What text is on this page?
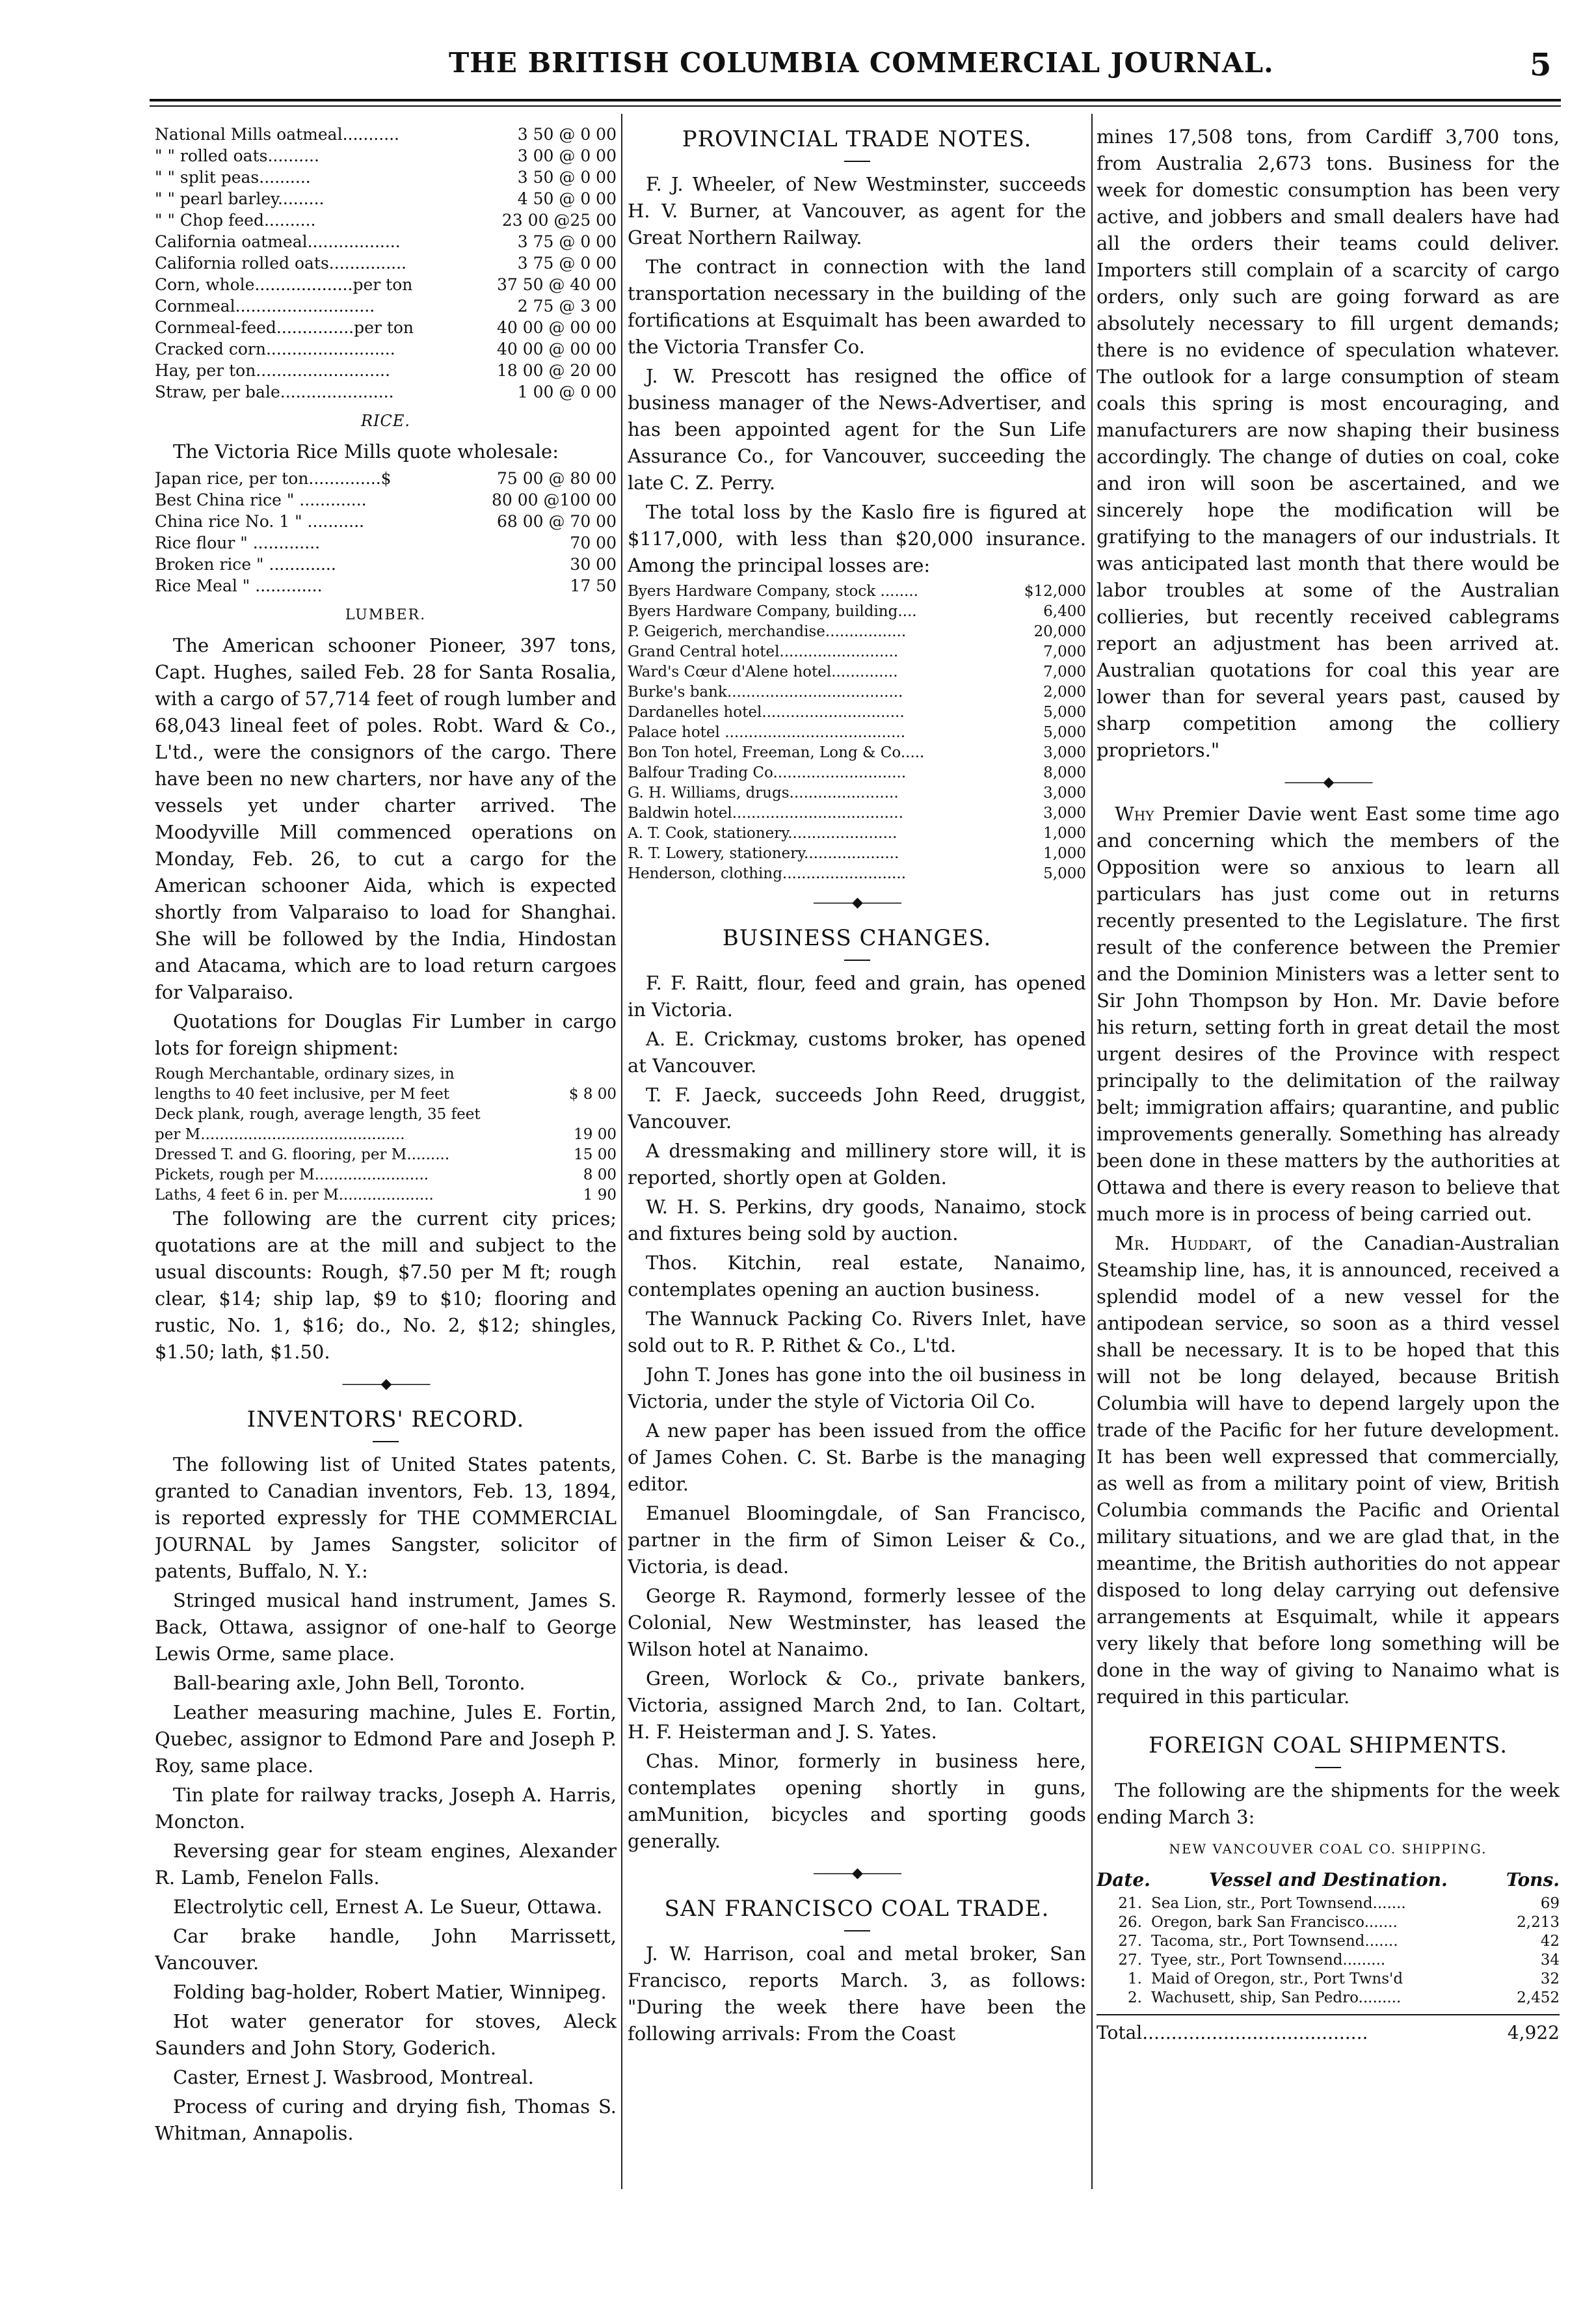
THE BRITISH COLUMBIA COMMERCIAL JOURNAL.	5
National Mills oatmeal...........	3 50 @ 0 00
" " rolled oats..........	3 00 @ 0 00
" " split peas..........	3 50 @ 0 00
" " pearl barley.........	4 50 @ 0 00
" " Chop feed..........	23 00 @25 00
California oatmeal..................	3 75 @ 0 00
California rolled oats...............	3 75 @ 0 00
Corn, whole...................per ton	37 50 @ 40 00
Cornmeal...........................	2 75 @ 3 00
Cornmeal-feed...............per ton	40 00 @ 00 00
Cracked corn.........................	40 00 @ 00 00
Hay, per ton..........................	18 00 @ 20 00
Straw, per bale......................	1 00 @ 0 00
RICE.

The Victoria Rice Mills quote wholesale:

Japan rice, per ton..............$	75 00 @ 80 00
Best China rice " .............	80 00 @100 00
China rice No. 1 " ...........	68 00 @ 70 00
Rice flour " .............	70 00
Broken rice " .............	30 00
Rice Meal " .............	17 50
LUMBER.

The American schooner Pioneer, 397 tons, Capt. Hughes, sailed Feb. 28 for Santa Rosalia, with a cargo of 57,714 feet of rough lumber and 68,043 lineal feet of poles. Robt. Ward & Co., L'td., were the consignors of the cargo. There have been no new charters, nor have any of the vessels yet under charter arrived. The Moodyville Mill commenced operations on Monday, Feb. 26, to cut a cargo for the American schooner Aida, which is expected shortly from Valparaiso to load for Shanghai. She will be followed by the India, Hindostan and Atacama, which are to load return cargoes for Valparaiso.

Quotations for Douglas Fir Lumber in cargo lots for foreign shipment:

Rough Merchantable, ordinary sizes, in	
lengths to 40 feet inclusive, per M feet	$ 8 00
Deck plank, rough, average length, 35 feet	
per M...........................................	19 00
Dressed T. and G. flooring, per M.........	15 00
Pickets, rough per M........................	8 00
Laths, 4 feet 6 in. per M....................	1 90

The following are the current city prices; quotations are at the mill and subject to the usual discounts: Rough, $7.50 per M ft; rough clear, $14; ship lap, $9 to $10; flooring and rustic, No. 1, $16; do., No. 2, $12; shingles, $1.50; lath, $1.50.

———◆———
INVENTORS' RECORD.

The following list of United States patents, granted to Canadian inventors, Feb. 13, 1894, is reported expressly for THE COMMERCIAL JOURNAL by James Sangster, solicitor of patents, Buffalo, N. Y.:

Stringed musical hand instrument, James S. Back, Ottawa, assignor of one-half to George Lewis Orme, same place.

Ball-bearing axle, John Bell, Toronto.

Leather measuring machine, Jules E. Fortin, Quebec, assignor to Edmond Pare and Joseph P. Roy, same place.

Tin plate for railway tracks, Joseph A. Harris, Moncton.

Reversing gear for steam engines, Alexander R. Lamb, Fenelon Falls.

Electrolytic cell, Ernest A. Le Sueur, Ottawa.

Car brake handle, John Marrissett, Vancouver.

Folding bag-holder, Robert Matier, Winnipeg.

Hot water generator for stoves, Aleck Saunders and John Story, Goderich.

Caster, Ernest J. Wasbrood, Montreal.

Process of curing and drying fish, Thomas S. Whitman, Annapolis.

PROVINCIAL TRADE NOTES.

F. J. Wheeler, of New Westminster, succeeds H. V. Burner, at Vancouver, as agent for the Great Northern Railway.

The contract in connection with the land transportation necessary in the building of the fortifications at Esquimalt has been awarded to the Victoria Transfer Co.

J. W. Prescott has resigned the office of business manager of the News-Advertiser, and has been appointed agent for the Sun Life Assurance Co., for Vancouver, succeeding the late C. Z. Perry.

The total loss by the Kaslo fire is figured at $117,000, with less than $20,000 insurance. Among the principal losses are:

Byers Hardware Company, stock ........	$12,000
Byers Hardware Company, building....	6,400
P. Geigerich, merchandise.................	20,000
Grand Central hotel.........................	7,000
Ward's Cœur d'Alene hotel..............	7,000
Burke's bank.....................................	2,000
Dardanelles hotel..............................	5,000
Palace hotel ......................................	5,000
Bon Ton hotel, Freeman, Long & Co.....	3,000
Balfour Trading Co............................	8,000
G. H. Williams, drugs.......................	3,000
Baldwin hotel....................................	3,000
A. T. Cook, stationery.......................	1,000
R. T. Lowery, stationery....................	1,000
Henderson, clothing..........................	5,000
———◆———
BUSINESS CHANGES.

F. F. Raitt, flour, feed and grain, has opened in Victoria.

A. E. Crickmay, customs broker, has opened at Vancouver.

T. F. Jaeck, succeeds John Reed, druggist, Vancouver.

A dressmaking and millinery store will, it is reported, shortly open at Golden.

W. H. S. Perkins, dry goods, Nanaimo, stock and fixtures being sold by auction.

Thos. Kitchin, real estate, Nanaimo, contemplates opening an auction business.

The Wannuck Packing Co. Rivers Inlet, have sold out to R. P. Rithet & Co., L'td.

John T. Jones has gone into the oil business in Victoria, under the style of Victoria Oil Co.

A new paper has been issued from the office of James Cohen. C. St. Barbe is the managing editor.

Emanuel Bloomingdale, of San Francisco, partner in the firm of Simon Leiser & Co., Victoria, is dead.

George R. Raymond, formerly lessee of the Colonial, New Westminster, has leased the Wilson hotel at Nanaimo.

Green, Worlock & Co., private bankers, Victoria, assigned March 2nd, to Ian. Coltart, H. F. Heisterman and J. S. Yates.

Chas. Minor, formerly in business here, contemplates opening shortly in guns, amMunition, bicycles and sporting goods generally.

———◆———
SAN FRANCISCO COAL TRADE.

J. W. Harrison, coal and metal broker, San Francisco, reports March. 3, as follows: "During the week there have been the following arrivals: From the Coast

mines 17,508 tons, from Cardiff 3,700 tons, from Australia 2,673 tons. Business for the week for domestic consumption has been very active, and jobbers and small dealers have had all the orders their teams could deliver. Importers still complain of a scarcity of cargo orders, only such are going forward as are absolutely necessary to fill urgent demands; there is no evidence of speculation whatever. The outlook for a large consumption of steam coals this spring is most encouraging, and manufacturers are now shaping their business accordingly. The change of duties on coal, coke and iron will soon be ascertained, and we sincerely hope the modification will be gratifying to the managers of our industrials. It was anticipated last month that there would be labor troubles at some of the Australian collieries, but recently received cablegrams report an adjustment has been arrived at. Australian quotations for coal this year are lower than for several years past, caused by sharp competition among the colliery proprietors."

———◆———

Why Premier Davie went East some time ago and concerning which the members of the Opposition were so anxious to learn all particulars has just come out in returns recently presented to the Legislature. The first result of the conference between the Premier and the Dominion Ministers was a letter sent to Sir John Thompson by Hon. Mr. Davie before his return, setting forth in great detail the most urgent desires of the Province with respect principally to the delimitation of the railway belt; immigration affairs; quarantine, and public improvements generally. Something has already been done in these matters by the authorities at Ottawa and there is every reason to believe that much more is in process of being carried out.

Mr. Huddart, of the Canadian-Australian Steamship line, has, it is announced, received a splendid model of a new vessel for the antipodean service, so soon as a third vessel shall be necessary. It is to be hoped that this will not be long delayed, because British Columbia will have to depend largely upon the trade of the Pacific for her future development. It has been well expressed that commercially, as well as from a military point of view, British Columbia commands the Pacific and Oriental military situations, and we are glad that, in the meantime, the British authorities do not appear disposed to long delay carrying out defensive arrangements at Esquimalt, while it appears very likely that before long something will be done in the way of giving to Nanaimo what is required in this particular.

FOREIGN COAL SHIPMENTS.

The following are the shipments for the week ending March 3:

NEW VANCOUVER COAL CO. SHIPPING.
Date.	Vessel and Destination.	Tons.
21. Sea Lion, str., Port Townsend.......	69
26. Oregon, bark San Francisco.......	2,213
27. Tacoma, str., Port Townsend.......	42
27. Tyee, str., Port Townsend.........	34
1. Maid of Oregon, str., Port Twns'd	32
2. Wachusett, ship, San Pedro.........	2,452
Total.......................................	4,922
